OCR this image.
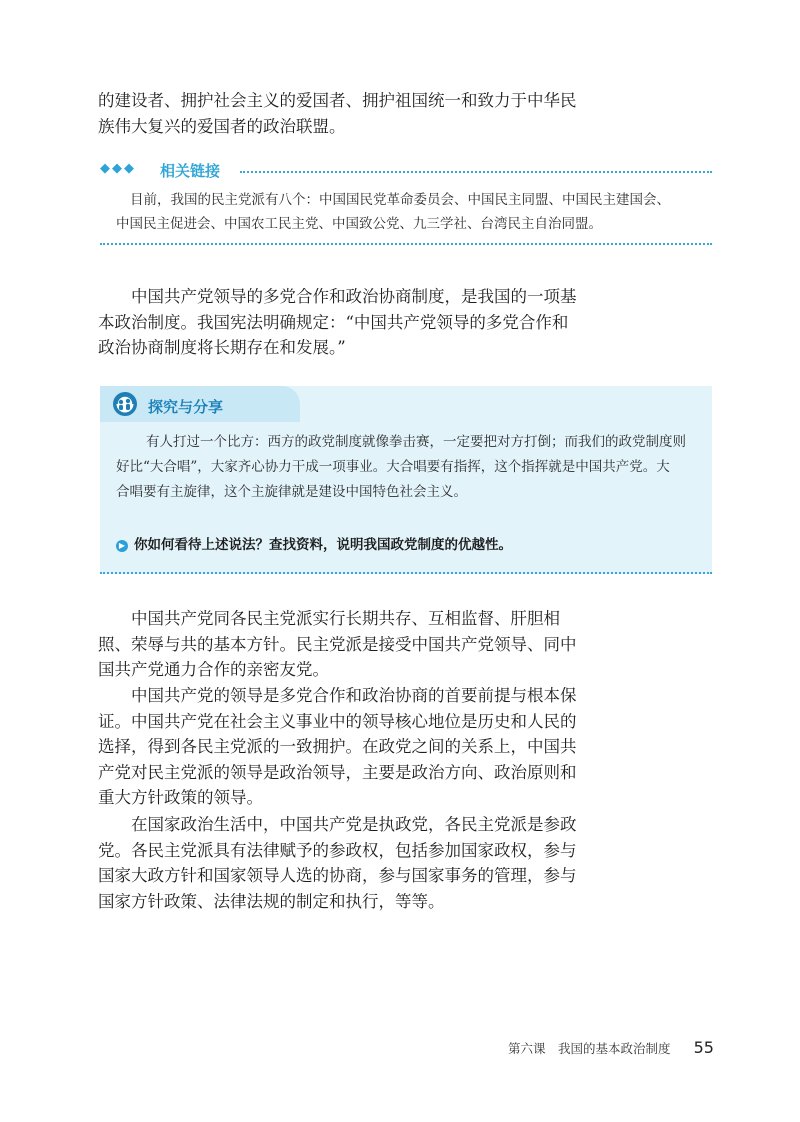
的建设者、拥护社会主义的爱国者、拥护祖国统一和致力于中华民
族伟大复兴的爱国者的政治联盟。

◆◆◆ 相关链接
目前，我国的民主党派有八个：中国国民党革命委员会、中国民主同盟、中国民主建国会、
中国民主促进会、中国农工民主党、中国致公党、九三学社、台湾民主自治同盟。

中国共产党领导的多党合作和政治协商制度，是我国的一项基
本政治制度。我国宪法明确规定：“中国共产党领导的多党合作和
政治协商制度将长期存在和发展。”

探究与分享
有人打过一个比方：西方的政党制度就像拳击赛，一定要把对方打倒；而我们的政党制度则
好比“大合唱”，大家齐心协力干成一项事业。大合唱要有指挥，这个指挥就是中国共产党。大
合唱要有主旋律，这个主旋律就是建设中国特色社会主义。
▶ 你如何看待上述说法？查找资料，说明我国政党制度的优越性。

中国共产党同各民主党派实行长期共存、互相监督、肝胆相
照、荣辱与共的基本方针。民主党派是接受中国共产党领导、同中
国共产党通力合作的亲密友党。

中国共产党的领导是多党合作和政治协商的首要前提与根本保
证。中国共产党在社会主义事业中的领导核心地位是历史和人民的
选择，得到各民主党派的一致拥护。在政党之间的关系上，中国共
产党对民主党派的领导是政治领导，主要是政治方向、政治原则和
重大方针政策的领导。

在国家政治生活中，中国共产党是执政党，各民主党派是参政
党。各民主党派具有法律赋予的参政权，包括参加国家政权，参与
国家大政方针和国家领导人选的协商，参与国家事务的管理，参与
国家方针政策、法律法规的制定和执行，等等。

第六课　我国的基本政治制度 55
